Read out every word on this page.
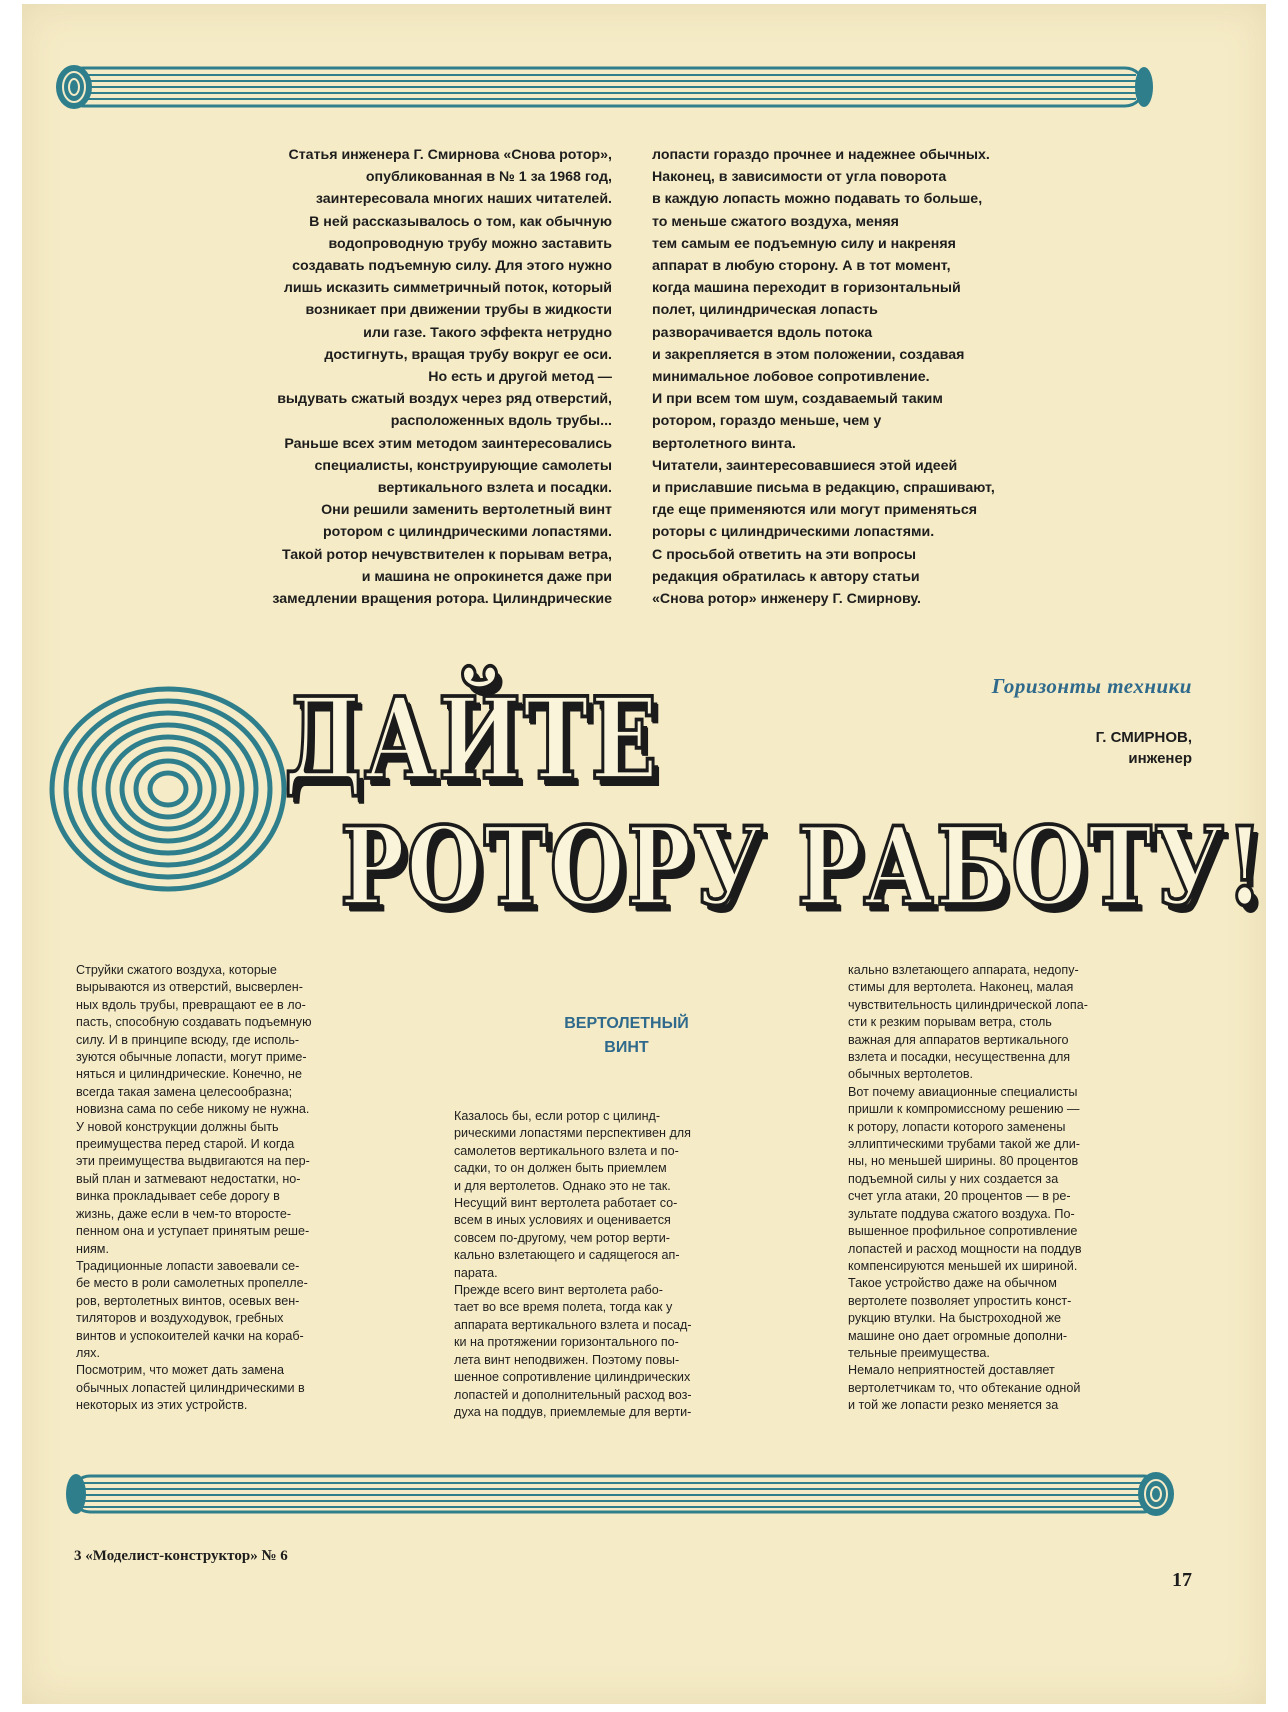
Статья инженера Г. Смирнова «Снова ротор»,

опубликованная в № 1 за 1968 год,

заинтересовала многих наших читателей.

В ней рассказывалось о том, как обычную

водопроводную трубу можно заставить

создавать подъемную силу. Для этого нужно

лишь исказить симметричный поток, который

возникает при движении трубы в жидкости

или газе. Такого эффекта нетрудно

достигнуть, вращая трубу вокруг ее оси.

Но есть и другой метод —

выдувать сжатый воздух через ряд отверстий,

расположенных вдоль трубы...

Раньше всех этим методом заинтересовались

специалисты, конструирующие самолеты

вертикального взлета и посадки.

Они решили заменить вертолетный винт

ротором с цилиндрическими лопастями.

Такой ротор нечувствителен к порывам ветра,

и машина не опрокинется даже при

замедлении вращения ротора. Цилиндрические

лопасти гораздо прочнее и надежнее обычных.

Наконец, в зависимости от угла поворота

в каждую лопасть можно подавать то больше,

то меньше сжатого воздуха, меняя

тем самым ее подъемную силу и накреняя

аппарат в любую сторону. А в тот момент,

когда машина переходит в горизонтальный

полет, цилиндрическая лопасть

разворачивается вдоль потока

и закрепляется в этом положении, создавая

минимальное лобовое сопротивление.

И при всем том шум, создаваемый таким

ротором, гораздо меньше, чем у

вертолетного винта.

Читатели, заинтересовавшиеся этой идеей

и приславшие письма в редакцию, спрашивают,

где еще применяются или могут применяться

роторы с цилиндрическими лопастями.

С просьбой ответить на эти вопросы

редакция обратилась к автору статьи

«Снова ротор» инженеру Г. Смирнову.

Горизонты техники
Г. СМИРНОВ,
инженер
ДАЙТЕ
РОТОРУ РАБОТУ!

Струйки сжатого воздуха, которые

вырываются из отверстий, высверлен-

ных вдоль трубы, превращают ее в ло-

пасть, способную создавать подъемную

силу. И в принципе всюду, где исполь-

зуются обычные лопасти, могут приме-

няться и цилиндрические. Конечно, не

всегда такая замена целесообразна;

новизна сама по себе никому не нужна.

У новой конструкции должны быть

преимущества перед старой. И когда

эти преимущества выдвигаются на пер-

вый план и затмевают недостатки, но-

винка прокладывает себе дорогу в

жизнь, даже если в чем-то второсте-

пенном она и уступает принятым реше-

ниям.

Традиционные лопасти завоевали се-

бе место в роли самолетных пропелле-

ров, вертолетных винтов, осевых вен-

тиляторов и воздуходувок, гребных

винтов и успокоителей качки на кораб-

лях.

Посмотрим, что может дать замена

обычных лопастей цилиндрическими в

некоторых из этих устройств.

ВЕРТОЛЕТНЫЙ
ВИНТ

Казалось бы, если ротор с цилинд-

рическими лопастями перспективен для

самолетов вертикального взлета и по-

садки, то он должен быть приемлем

и для вертолетов. Однако это не так.

Несущий винт вертолета работает со-

всем в иных условиях и оценивается

совсем по-другому, чем ротор верти-

кально взлетающего и садящегося ап-

парата.

Прежде всего винт вертолета рабо-

тает во все время полета, тогда как у

аппарата вертикального взлета и посад-

ки на протяжении горизонтального по-

лета винт неподвижен. Поэтому повы-

шенное сопротивление цилиндрических

лопастей и дополнительный расход воз-

духа на поддув, приемлемые для верти-

кально взлетающего аппарата, недопу-

стимы для вертолета. Наконец, малая

чувствительность цилиндрической лопа-

сти к резким порывам ветра, столь

важная для аппаратов вертикального

взлета и посадки, несущественна для

обычных вертолетов.

Вот почему авиационные специалисты

пришли к компромиссному решению —

к ротору, лопасти которого заменены

эллиптическими трубами такой же дли-

ны, но меньшей ширины. 80 процентов

подъемной силы у них создается за

счет угла атаки, 20 процентов — в ре-

зультате поддува сжатого воздуха. По-

вышенное профильное сопротивление

лопастей и расход мощности на поддув

компенсируются меньшей их шириной.

Такое устройство даже на обычном

вертолете позволяет упростить конст-

рукцию втулки. На быстроходной же

машине оно дает огромные дополни-

тельные преимущества.

Немало неприятностей доставляет

вертолетчикам то, что обтекание одной

и той же лопасти резко меняется за

3 «Моделист-конструктор» № 6
17
